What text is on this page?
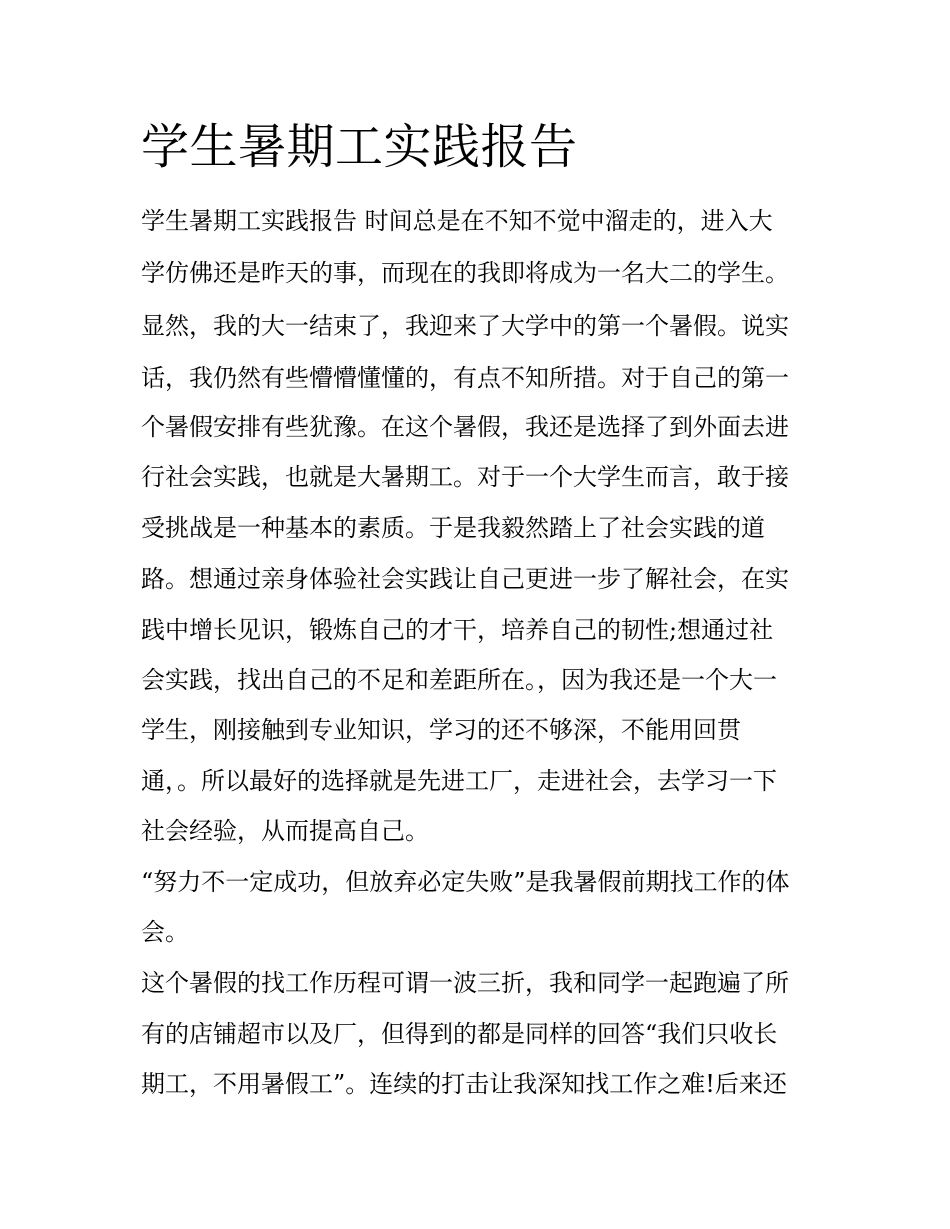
学生暑期工实践报告

学生暑期工实践报告 时间总是在不知不觉中溜走的，进入大

学仿佛还是昨天的事，而现在的我即将成为一名大二的学生。

显然，我的大一结束了，我迎来了大学中的第一个暑假。说实

话，我仍然有些懵懵懂懂的，有点不知所措。对于自己的第一

个暑假安排有些犹豫。在这个暑假，我还是选择了到外面去进

行社会实践，也就是大暑期工。对于一个大学生而言，敢于接

受挑战是一种基本的素质。于是我毅然踏上了社会实践的道

路。想通过亲身体验社会实践让自己更进一步了解社会，在实

践中增长见识，锻炼自己的才干，培养自己的韧性;想通过社

会实践，找出自己的不足和差距所在。，因为我还是一个大一

学生，刚接触到专业知识，学习的还不够深，不能用回贯

通，。所以最好的选择就是先进工厂，走进社会，去学习一下

社会经验，从而提高自己。

“努力不一定成功，但放弃必定失败”是我暑假前期找工作的体

会。

这个暑假的找工作历程可谓一波三折，我和同学一起跑遍了所

有的店铺超市以及厂，但得到的都是同样的回答“我们只收长

期工，不用暑假工”。连续的打击让我深知找工作之难!后来还
